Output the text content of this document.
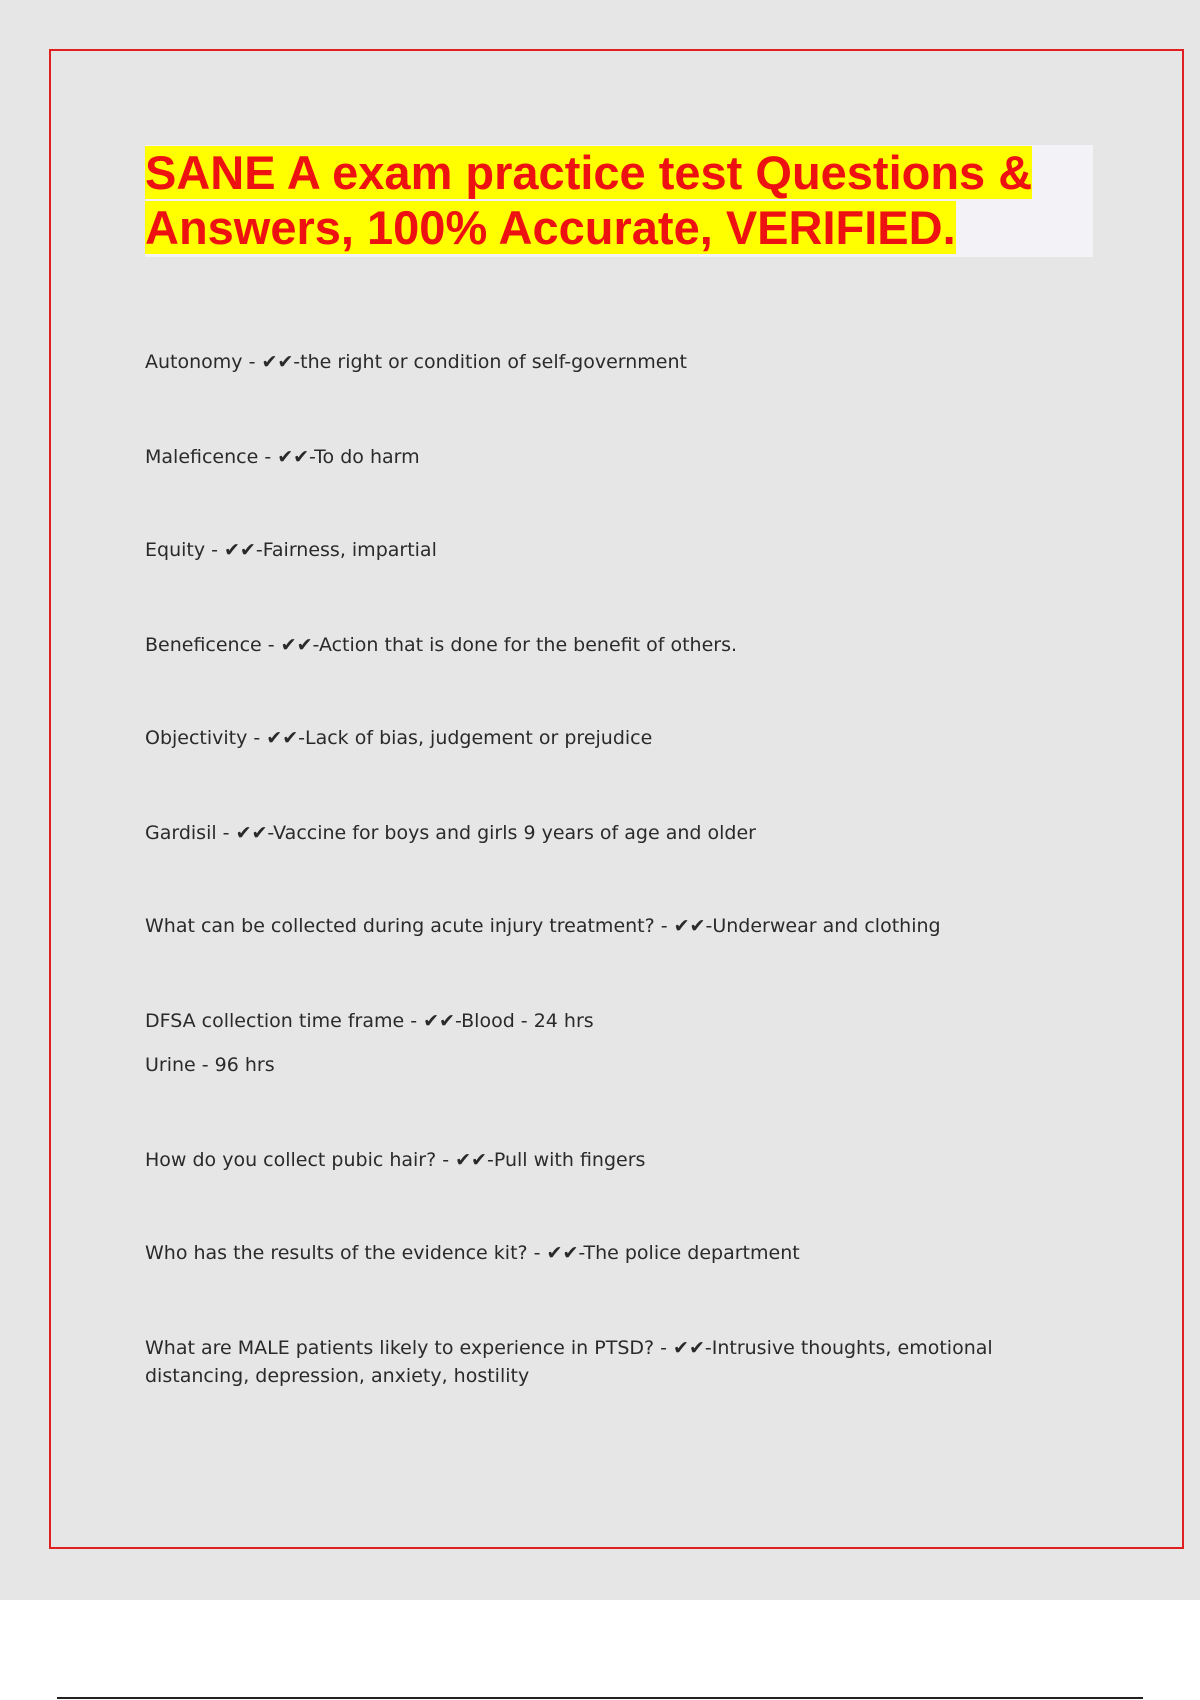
SANE A exam practice test Questions & Answers, 100% Accurate, VERIFIED.

Autonomy - ✔✔-the right or condition of self-government

Maleficence - ✔✔-To do harm

Equity - ✔✔-Fairness, impartial

Beneficence - ✔✔-Action that is done for the benefit of others.

Objectivity - ✔✔-Lack of bias, judgement or prejudice

Gardisil - ✔✔-Vaccine for boys and girls 9 years of age and older

What can be collected during acute injury treatment? - ✔✔-Underwear and clothing

DFSA collection time frame - ✔✔-Blood - 24 hrs
Urine - 96 hrs

How do you collect pubic hair? - ✔✔-Pull with fingers

Who has the results of the evidence kit? - ✔✔-The police department

What are MALE patients likely to experience in PTSD? - ✔✔-Intrusive thoughts, emotional distancing, depression, anxiety, hostility
